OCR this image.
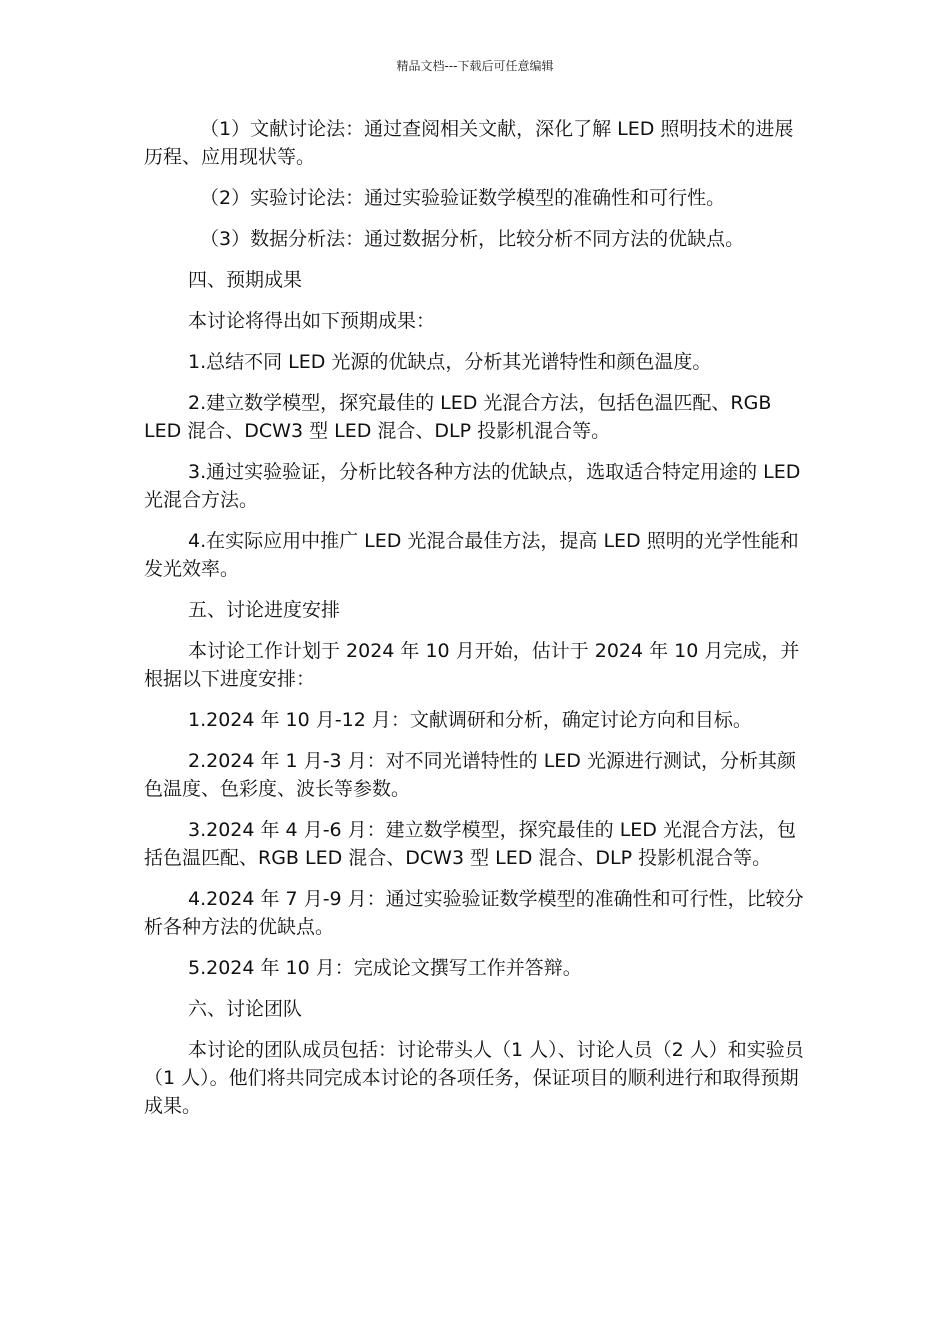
精品文档---下载后可任意编辑

（1）文献讨论法：通过查阅相关文献，深化了解 LED 照明技术的进展历程、应用现状等。

（2）实验讨论法：通过实验验证数学模型的准确性和可行性。

（3）数据分析法：通过数据分析，比较分析不同方法的优缺点。

四、预期成果

本讨论将得出如下预期成果：

1.总结不同 LED 光源的优缺点，分析其光谱特性和颜色温度。

2.建立数学模型，探究最佳的 LED 光混合方法，包括色温匹配、RGB LED 混合、DCW3 型 LED 混合、DLP 投影机混合等。

3.通过实验验证，分析比较各种方法的优缺点，选取适合特定用途的 LED 光混合方法。

4.在实际应用中推广 LED 光混合最佳方法，提高 LED 照明的光学性能和发光效率。

五、讨论进度安排

本讨论工作计划于 2024 年 10 月开始，估计于 2024 年 10 月完成，并根据以下进度安排：

1.2024 年 10 月-12 月：文献调研和分析，确定讨论方向和目标。

2.2024 年 1 月-3 月：对不同光谱特性的 LED 光源进行测试，分析其颜色温度、色彩度、波长等参数。

3.2024 年 4 月-6 月：建立数学模型，探究最佳的 LED 光混合方法，包括色温匹配、RGB LED 混合、DCW3 型 LED 混合、DLP 投影机混合等。

4.2024 年 7 月-9 月：通过实验验证数学模型的准确性和可行性，比较分析各种方法的优缺点。

5.2024 年 10 月：完成论文撰写工作并答辩。

六、讨论团队

本讨论的团队成员包括：讨论带头人（1 人）、讨论人员（2 人）和实验员（1 人）。他们将共同完成本讨论的各项任务，保证项目的顺利进行和取得预期成果。
